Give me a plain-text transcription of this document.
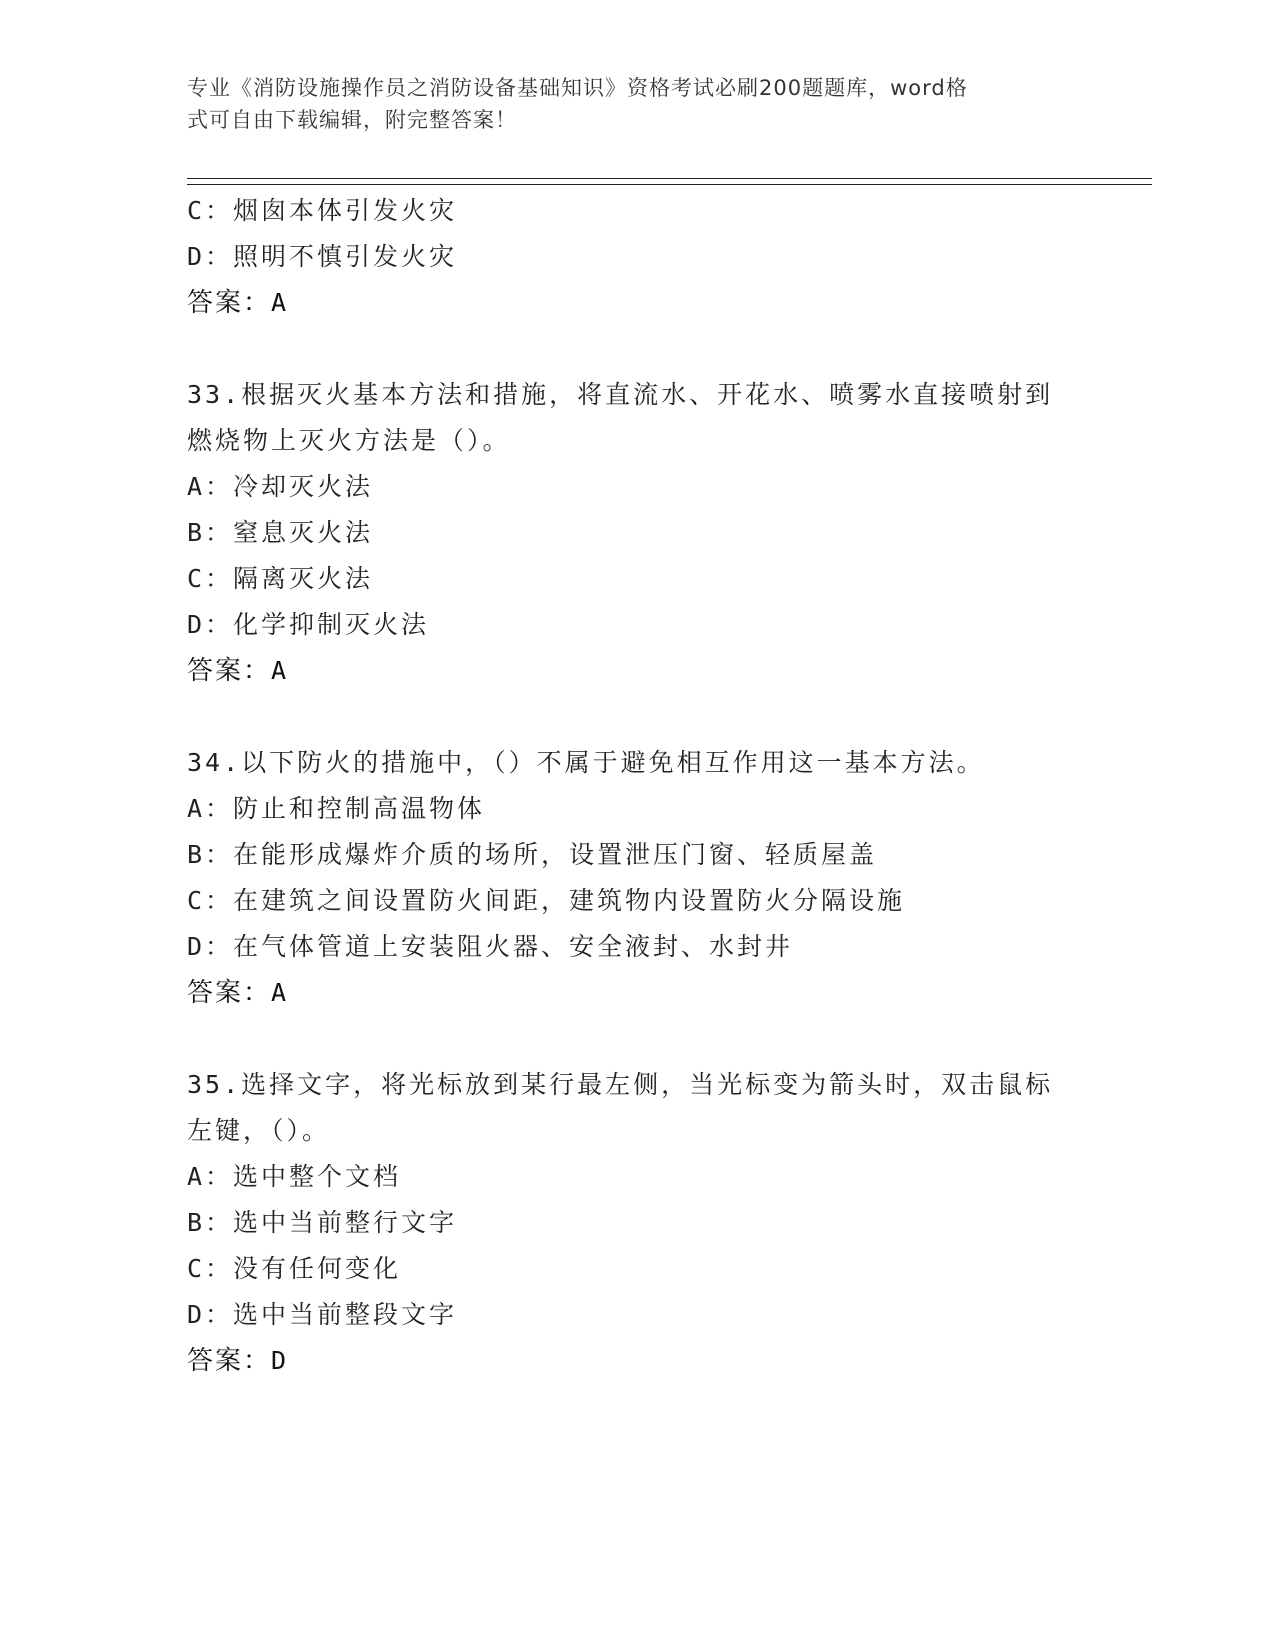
专业《消防设施操作员之消防设备基础知识》资格考试必刷200题题库，word格
式可自由下载编辑，附完整答案！
C：烟囱本体引发火灾
D：照明不慎引发火灾
答案：A
33.根据灭火基本方法和措施，将直流水、开花水、喷雾水直接喷射到
燃烧物上灭火方法是（）。
A：冷却灭火法
B：窒息灭火法
C：隔离灭火法
D：化学抑制灭火法
答案：A
34.以下防火的措施中，（）不属于避免相互作用这一基本方法。
A：防止和控制高温物体
B：在能形成爆炸介质的场所，设置泄压门窗、轻质屋盖
C：在建筑之间设置防火间距，建筑物内设置防火分隔设施
D：在气体管道上安装阻火器、安全液封、水封井
答案：A
35.选择文字，将光标放到某行最左侧，当光标变为箭头时，双击鼠标
左键，（）。
A：选中整个文档
B：选中当前整行文字
C：没有任何变化
D：选中当前整段文字
答案：D
